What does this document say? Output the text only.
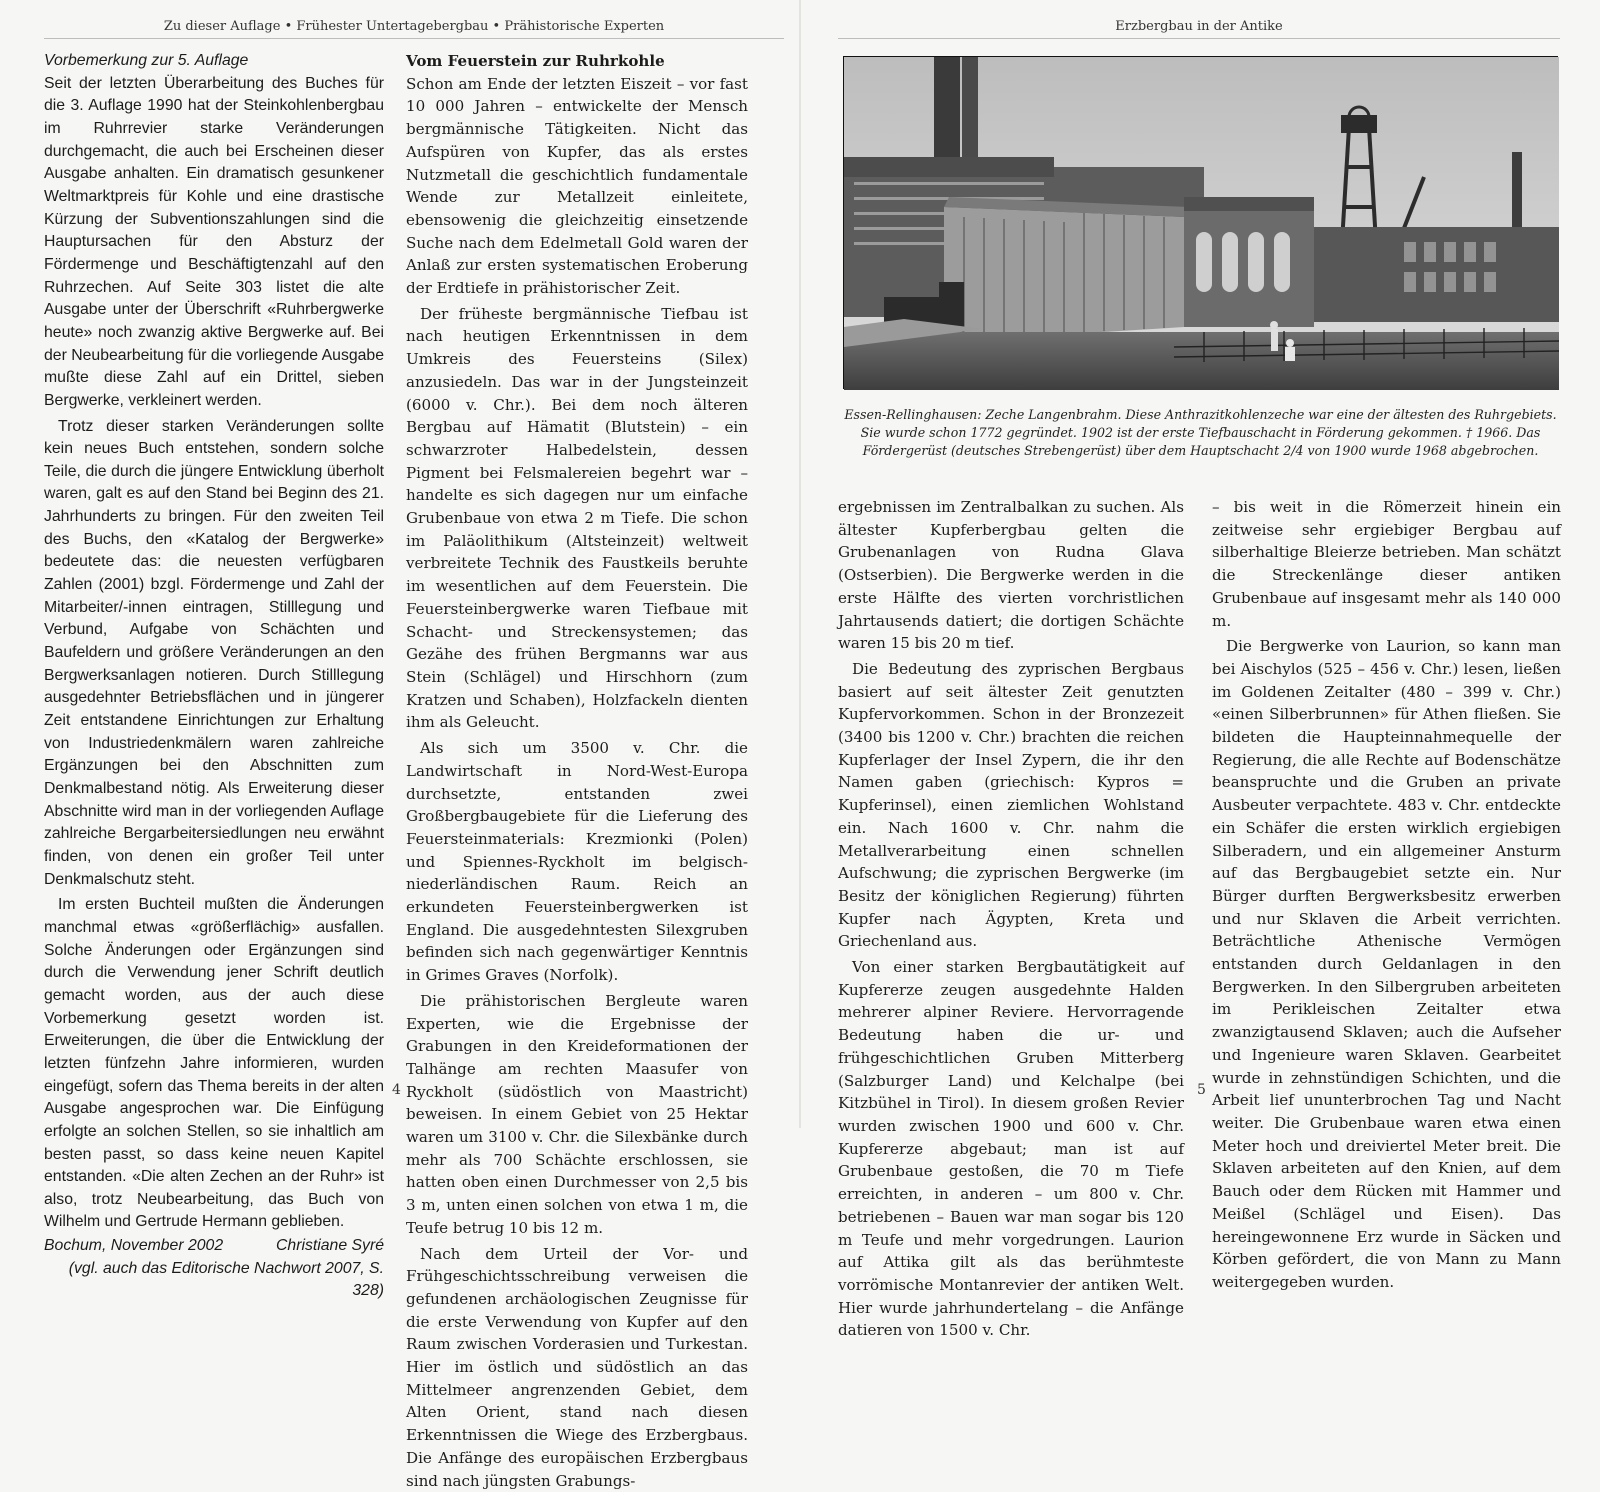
Zu dieser Auflage • Frühester Untertagebergbau • Prähistorische Experten

Vorbemerkung zur 5. Auflage

Seit der letzten Überarbeitung des Buches für die 3. Auflage 1990 hat der Steinkohlenbergbau im Ruhrrevier starke Veränderungen durchgemacht, die auch bei Erscheinen dieser Ausgabe anhalten. Ein dramatisch gesunkener Weltmarktpreis für Kohle und eine drastische Kürzung der Subventionszahlungen sind die Hauptursachen für den Absturz der Fördermenge und Beschäftigtenzahl auf den Ruhrzechen. Auf Seite 303 listet die alte Ausgabe unter der Überschrift «Ruhrbergwerke heute» noch zwanzig aktive Bergwerke auf. Bei der Neubearbeitung für die vorliegende Ausgabe mußte diese Zahl auf ein Drittel, sieben Bergwerke, verkleinert werden.

Trotz dieser starken Veränderungen sollte kein neues Buch entstehen, sondern solche Teile, die durch die jüngere Entwicklung überholt waren, galt es auf den Stand bei Beginn des 21. Jahrhunderts zu bringen. Für den zweiten Teil des Buchs, den «Katalog der Bergwerke» bedeutete das: die neuesten verfügbaren Zahlen (2001) bzgl. Fördermenge und Zahl der Mitarbeiter/-innen eintragen, Stilllegung und Verbund, Aufgabe von Schächten und Baufeldern und größere Veränderungen an den Bergwerksanlagen notieren. Durch Stilllegung ausgedehnter Betriebsflächen und in jüngerer Zeit entstandene Einrichtungen zur Erhaltung von Industriedenkmälern waren zahlreiche Ergänzungen bei den Abschnitten zum Denkmalbestand nötig. Als Erweiterung dieser Abschnitte wird man in der vorliegenden Auflage zahlreiche Bergarbeitersiedlungen neu erwähnt finden, von denen ein großer Teil unter Denkmalschutz steht.

Im ersten Buchteil mußten die Änderungen manchmal etwas «größerflächig» ausfallen. Solche Änderungen oder Ergänzungen sind durch die Verwendung jener Schrift deutlich gemacht worden, aus der auch diese Vorbemerkung gesetzt worden ist. Erweiterungen, die über die Entwicklung der letzten fünfzehn Jahre informieren, wurden eingefügt, sofern das Thema bereits in der alten Ausgabe angesprochen war. Die Einfügung erfolgte an solchen Stellen, so sie inhaltlich am besten passt, so dass keine neuen Kapitel entstanden. «Die alten Zechen an der Ruhr» ist also, trotz Neubearbeitung, das Buch von Wilhelm und Gertrude Hermann geblieben.

Bochum, November 2002	Christiane Syré

(vgl. auch das Editorische Nachwort 2007, S. 328)

Vom Feuerstein zur Ruhrkohle

Schon am Ende der letzten Eiszeit – vor fast 10 000 Jahren – entwickelte der Mensch bergmännische Tätigkeiten. Nicht das Aufspüren von Kupfer, das als erstes Nutzmetall die geschichtlich fundamentale Wende zur Metallzeit einleitete, ebensowenig die gleichzeitig einsetzende Suche nach dem Edelmetall Gold waren der Anlaß zur ersten systematischen Eroberung der Erdtiefe in prähistorischer Zeit.

Der früheste bergmännische Tiefbau ist nach heutigen Erkenntnissen in dem Umkreis des Feuersteins (Silex) anzusiedeln. Das war in der Jungsteinzeit (6000 v. Chr.). Bei dem noch älteren Bergbau auf Hämatit (Blutstein) – ein schwarzroter Halbedelstein, dessen Pigment bei Felsmalereien begehrt war – handelte es sich dagegen nur um einfache Grubenbaue von etwa 2 m Tiefe. Die schon im Paläolithikum (Altsteinzeit) weltweit verbreitete Technik des Faustkeils beruhte im wesentlichen auf dem Feuerstein. Die Feuersteinbergwerke waren Tiefbaue mit Schacht- und Streckensystemen; das Gezähe des frühen Bergmanns war aus Stein (Schlägel) und Hirschhorn (zum Kratzen und Schaben), Holzfackeln dienten ihm als Geleucht.

Als sich um 3500 v. Chr. die Landwirtschaft in Nord-West-Europa durchsetzte, entstanden zwei Großbergbaugebiete für die Lieferung des Feuersteinmaterials: Krezmionki (Polen) und Spiennes-Ryckholt im belgisch-niederländischen Raum. Reich an erkundeten Feuersteinbergwerken ist England. Die ausgedehntesten Silexgruben befinden sich nach gegenwärtiger Kenntnis in Grimes Graves (Norfolk).

Die prähistorischen Bergleute waren Experten, wie die Ergebnisse der Grabungen in den Kreideformationen der Talhänge am rechten Maasufer von Ryckholt (südöstlich von Maastricht) beweisen. In einem Gebiet von 25 Hektar waren um 3100 v. Chr. die Silexbänke durch mehr als 700 Schächte erschlossen, sie hatten oben einen Durchmesser von 2,5 bis 3 m, unten einen solchen von etwa 1 m, die Teufe betrug 10 bis 12 m.

Nach dem Urteil der Vor- und Frühgeschichtsschreibung verweisen die gefundenen archäologischen Zeugnisse für die erste Verwendung von Kupfer auf den Raum zwischen Vorderasien und Turkestan. Hier im östlich und südöstlich an das Mittelmeer angrenzenden Gebiet, dem Alten Orient, stand nach diesen Erkenntnissen die Wiege des Erzbergbaus. Die Anfänge des europäischen Erzbergbaus sind nach jüngsten Grabungs-

4
Erzbergbau in der Antike
Essen-Rellinghausen: Zeche Langenbrahm. Diese Anthrazitkohlenzeche war eine der ältesten des Ruhrgebiets. Sie wurde schon 1772 gegründet. 1902 ist der erste Tiefbauschacht in Förderung gekommen. † 1966. Das Fördergerüst (deutsches Strebengerüst) über dem Hauptschacht 2/4 von 1900 wurde 1968 abgebrochen.

ergebnissen im Zentralbalkan zu suchen. Als ältester Kupferbergbau gelten die Grubenanlagen von Rudna Glava (Ostserbien). Die Bergwerke werden in die erste Hälfte des vierten vorchristlichen Jahrtausends datiert; die dortigen Schächte waren 15 bis 20 m tief.

Die Bedeutung des zyprischen Bergbaus basiert auf seit ältester Zeit genutzten Kupfervorkommen. Schon in der Bronzezeit (3400 bis 1200 v. Chr.) brachten die reichen Kupferlager der Insel Zypern, die ihr den Namen gaben (griechisch: Kypros = Kupferinsel), einen ziemlichen Wohlstand ein. Nach 1600 v. Chr. nahm die Metallverarbeitung einen schnellen Aufschwung; die zyprischen Bergwerke (im Besitz der königlichen Regierung) führten Kupfer nach Ägypten, Kreta und Griechenland aus.

Von einer starken Bergbautätigkeit auf Kupfererze zeugen ausgedehnte Halden mehrerer alpiner Reviere. Hervorragende Bedeutung haben die ur- und frühgeschichtlichen Gruben Mitterberg (Salzburger Land) und Kelchalpe (bei Kitzbühel in Tirol). In diesem großen Revier wurden zwischen 1900 und 600 v. Chr. Kupfererze abgebaut; man ist auf Grubenbaue gestoßen, die 70 m Tiefe erreichten, in anderen – um 800 v. Chr. betriebenen – Bauen war man sogar bis 120 m Teufe und mehr vorgedrungen. Laurion auf Attika gilt als das berühmteste vorrömische Montanrevier der antiken Welt. Hier wurde jahrhundertelang – die Anfänge datieren von 1500 v. Chr.

– bis weit in die Römerzeit hinein ein zeitweise sehr ergiebiger Bergbau auf silberhaltige Bleierze betrieben. Man schätzt die Streckenlänge dieser antiken Grubenbaue auf insgesamt mehr als 140 000 m.

Die Bergwerke von Laurion, so kann man bei Aischylos (525 – 456 v. Chr.) lesen, ließen im Goldenen Zeitalter (480 – 399 v. Chr.) «einen Silberbrunnen» für Athen fließen. Sie bildeten die Haupteinnahmequelle der Regierung, die alle Rechte auf Bodenschätze beanspruchte und die Gruben an private Ausbeuter verpachtete. 483 v. Chr. entdeckte ein Schäfer die ersten wirklich ergiebigen Silberadern, und ein allgemeiner Ansturm auf das Bergbaugebiet setzte ein. Nur Bürger durften Bergwerksbesitz erwerben und nur Sklaven die Arbeit verrichten. Beträchtliche Athenische Vermögen entstanden durch Geldanlagen in den Bergwerken. In den Silbergruben arbeiteten im Perikleischen Zeitalter etwa zwanzigtausend Sklaven; auch die Aufseher und Ingenieure waren Sklaven. Gearbeitet wurde in zehnstündigen Schichten, und die Arbeit lief ununterbrochen Tag und Nacht weiter. Die Grubenbaue waren etwa einen Meter hoch und dreiviertel Meter breit. Die Sklaven arbeiteten auf den Knien, auf dem Bauch oder dem Rücken mit Hammer und Meißel (Schlägel und Eisen). Das hereingewonnene Erz wurde in Säcken und Körben gefördert, die von Mann zu Mann weitergegeben wurden.

5
